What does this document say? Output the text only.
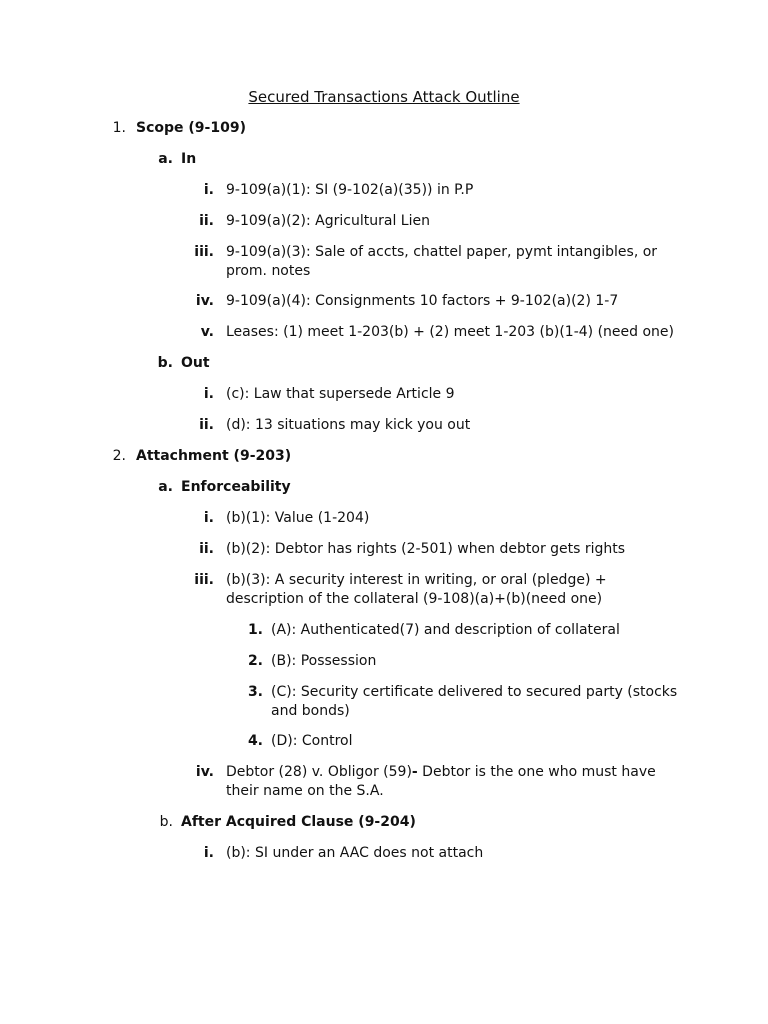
Secured Transactions Attack Outline
1. Scope (9-109)
a. In
i. 9-109(a)(1): SI (9-102(a)(35)) in P.P
ii. 9-109(a)(2): Agricultural Lien
iii. 9-109(a)(3): Sale of accts, chattel paper, pymt intangibles, or
prom. notes
iv. 9-109(a)(4): Consignments 10 factors + 9-102(a)(2) 1-7
v. Leases: (1) meet 1-203(b) + (2) meet 1-203 (b)(1-4) (need one)
b. Out
i. (c): Law that supersede Article 9
ii. (d): 13 situations may kick you out
2. Attachment (9-203)
a. Enforceability
i. (b)(1): Value (1-204)
ii. (b)(2): Debtor has rights (2-501) when debtor gets rights
iii. (b)(3): A security interest in writing, or oral (pledge) +
description of the collateral (9-108)(a)+(b)(need one)
1. (A): Authenticated(7) and description of collateral
2. (B): Possession
3. (C): Security certificate delivered to secured party (stocks
and bonds)
4. (D): Control
iv. Debtor (28) v. Obligor (59)- Debtor is the one who must have
their name on the S.A.
b. After Acquired Clause (9-204)
i. (b): SI under an AAC does not attach
